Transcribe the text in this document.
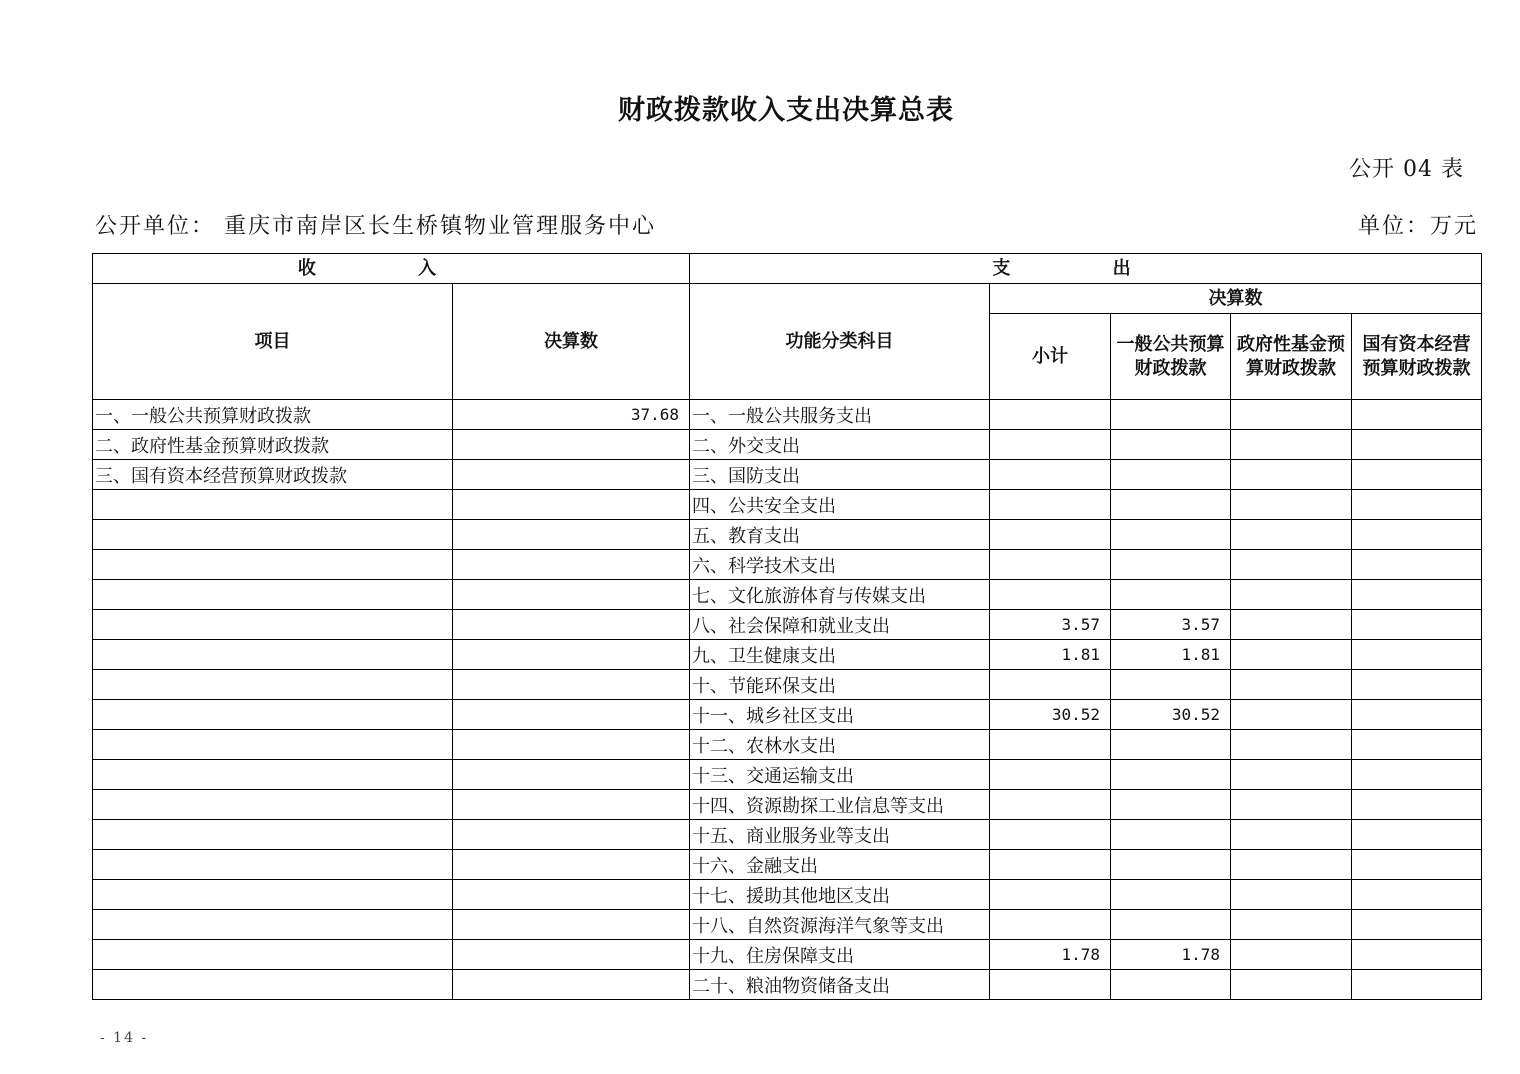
财政拨款收入支出决算总表
公开 04 表
公开单位： 重庆市南岸区长生桥镇物业管理服务中心	单位：万元
收 入		支 出				
项目	决算数	功能分类科目	决算数			
			小计	一般公共预算财政拨款	政府性基金预算财政拨款	国有资本经营预算财政拨款
一、一般公共预算财政拨款	37.68	一、一般公共服务支出				
二、政府性基金预算财政拨款		二、外交支出				
三、国有资本经营预算财政拨款		三、国防支出				
		四、公共安全支出				
		五、教育支出				
		六、科学技术支出				
		七、文化旅游体育与传媒支出				
		八、社会保障和就业支出	3.57	3.57		
		九、卫生健康支出	1.81	1.81		
		十、节能环保支出				
		十一、城乡社区支出	30.52	30.52		
		十二、农林水支出				
		十三、交通运输支出				
		十四、资源勘探工业信息等支出				
		十五、商业服务业等支出				
		十六、金融支出				
		十七、援助其他地区支出				
		十八、自然资源海洋气象等支出				
		十九、住房保障支出	1.78	1.78		
		二十、粮油物资储备支出				
- 14 -
